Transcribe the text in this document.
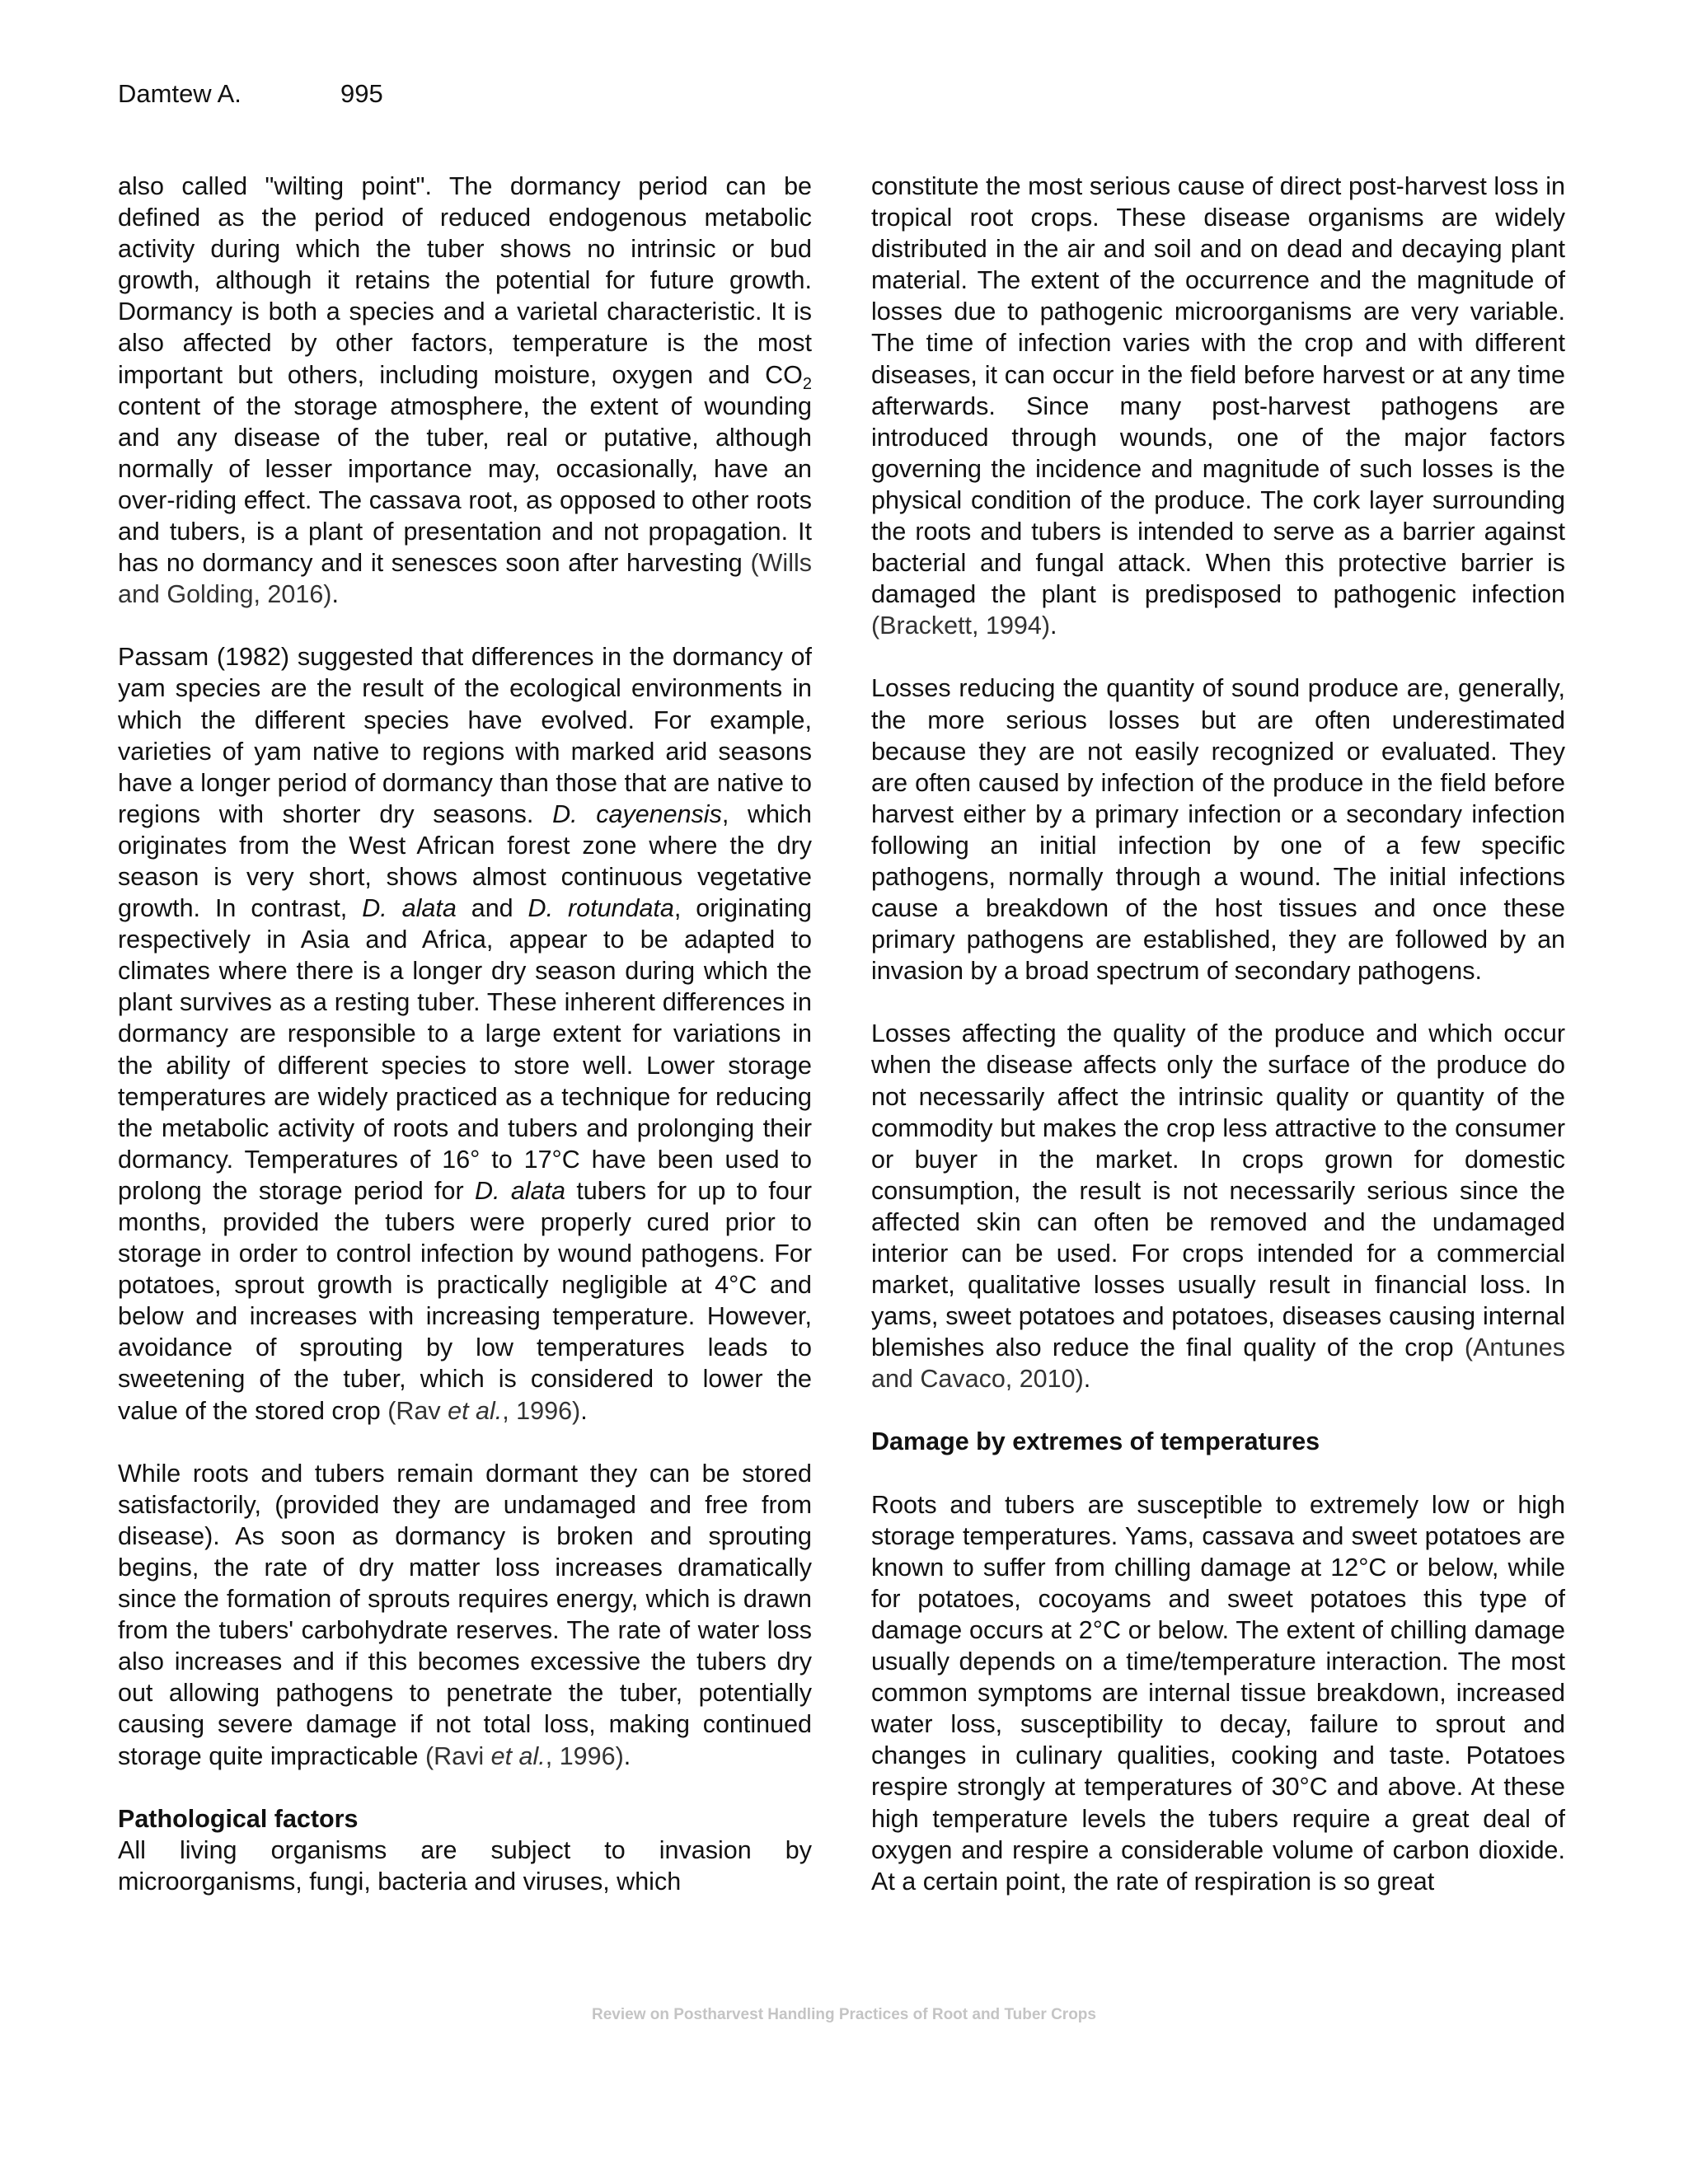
Damtew A.	995

also called "wilting point". The dormancy period can be defined as the period of reduced endogenous metabolic activity during which the tuber shows no intrinsic or bud growth, although it retains the potential for future growth. Dormancy is both a species and a varietal characteristic. It is also affected by other factors, temperature is the most important but others, including moisture, oxygen and $CO_2$ content of the storage atmosphere, the extent of wounding and any disease of the tuber, real or putative, although normally of lesser importance may, occasionally, have an over-riding effect. The cassava root, as opposed to other roots and tubers, is a plant of presentation and not propagation. It has no dormancy and it senesces soon after harvesting (Wills and Golding, 2016).

Passam (1982) suggested that differences in the dormancy of yam species are the result of the ecological environments in which the different species have evolved. For example, varieties of yam native to regions with marked arid seasons have a longer period of dormancy than those that are native to regions with shorter dry seasons. D. cayenensis, which originates from the West African forest zone where the dry season is very short, shows almost continuous vegetative growth. In contrast, D. alata and D. rotundata, originating respectively in Asia and Africa, appear to be adapted to climates where there is a longer dry season during which the plant survives as a resting tuber. These inherent differences in dormancy are responsible to a large extent for variations in the ability of different species to store well. Lower storage temperatures are widely practiced as a technique for reducing the metabolic activity of roots and tubers and prolonging their dormancy. Temperatures of 16° to 17°C have been used to prolong the storage period for D. alata tubers for up to four months, provided the tubers were properly cured prior to storage in order to control infection by wound pathogens. For potatoes, sprout growth is practically negligible at 4°C and below and increases with increasing temperature. However, avoidance of sprouting by low temperatures leads to sweetening of the tuber, which is considered to lower the value of the stored crop (Rav et al., 1996).

While roots and tubers remain dormant they can be stored satisfactorily, (provided they are undamaged and free from disease). As soon as dormancy is broken and sprouting begins, the rate of dry matter loss increases dramatically since the formation of sprouts requires energy, which is drawn from the tubers' carbohydrate reserves. The rate of water loss also increases and if this becomes excessive the tubers dry out allowing pathogens to penetrate the tuber, potentially causing severe damage if not total loss, making continued storage quite impracticable (Ravi et al., 1996).

Pathological factors

All living organisms are subject to invasion by microorganisms, fungi, bacteria and viruses, which

constitute the most serious cause of direct post-harvest loss in tropical root crops. These disease organisms are widely distributed in the air and soil and on dead and decaying plant material. The extent of the occurrence and the magnitude of losses due to pathogenic microorganisms are very variable. The time of infection varies with the crop and with different diseases, it can occur in the field before harvest or at any time afterwards. Since many post-harvest pathogens are introduced through wounds, one of the major factors governing the incidence and magnitude of such losses is the physical condition of the produce. The cork layer surrounding the roots and tubers is intended to serve as a barrier against bacterial and fungal attack. When this protective barrier is damaged the plant is predisposed to pathogenic infection (Brackett, 1994).

Losses reducing the quantity of sound produce are, generally, the more serious losses but are often underestimated because they are not easily recognized or evaluated. They are often caused by infection of the produce in the field before harvest either by a primary infection or a secondary infection following an initial infection by one of a few specific pathogens, normally through a wound. The initial infections cause a breakdown of the host tissues and once these primary pathogens are established, they are followed by an invasion by a broad spectrum of secondary pathogens.

Losses affecting the quality of the produce and which occur when the disease affects only the surface of the produce do not necessarily affect the intrinsic quality or quantity of the commodity but makes the crop less attractive to the consumer or buyer in the market. In crops grown for domestic consumption, the result is not necessarily serious since the affected skin can often be removed and the undamaged interior can be used. For crops intended for a commercial market, qualitative losses usually result in financial loss. In yams, sweet potatoes and potatoes, diseases causing internal blemishes also reduce the final quality of the crop (Antunes and Cavaco, 2010).

Damage by extremes of temperatures

Roots and tubers are susceptible to extremely low or high storage temperatures. Yams, cassava and sweet potatoes are known to suffer from chilling damage at 12°C or below, while for potatoes, cocoyams and sweet potatoes this type of damage occurs at 2°C or below. The extent of chilling damage usually depends on a time/temperature interaction. The most common symptoms are internal tissue breakdown, increased water loss, susceptibility to decay, failure to sprout and changes in culinary qualities, cooking and taste. Potatoes respire strongly at temperatures of 30°C and above. At these high temperature levels the tubers require a great deal of oxygen and respire a considerable volume of carbon dioxide. At a certain point, the rate of respiration is so great

Review on Postharvest Handling Practices of Root and Tuber Crops
